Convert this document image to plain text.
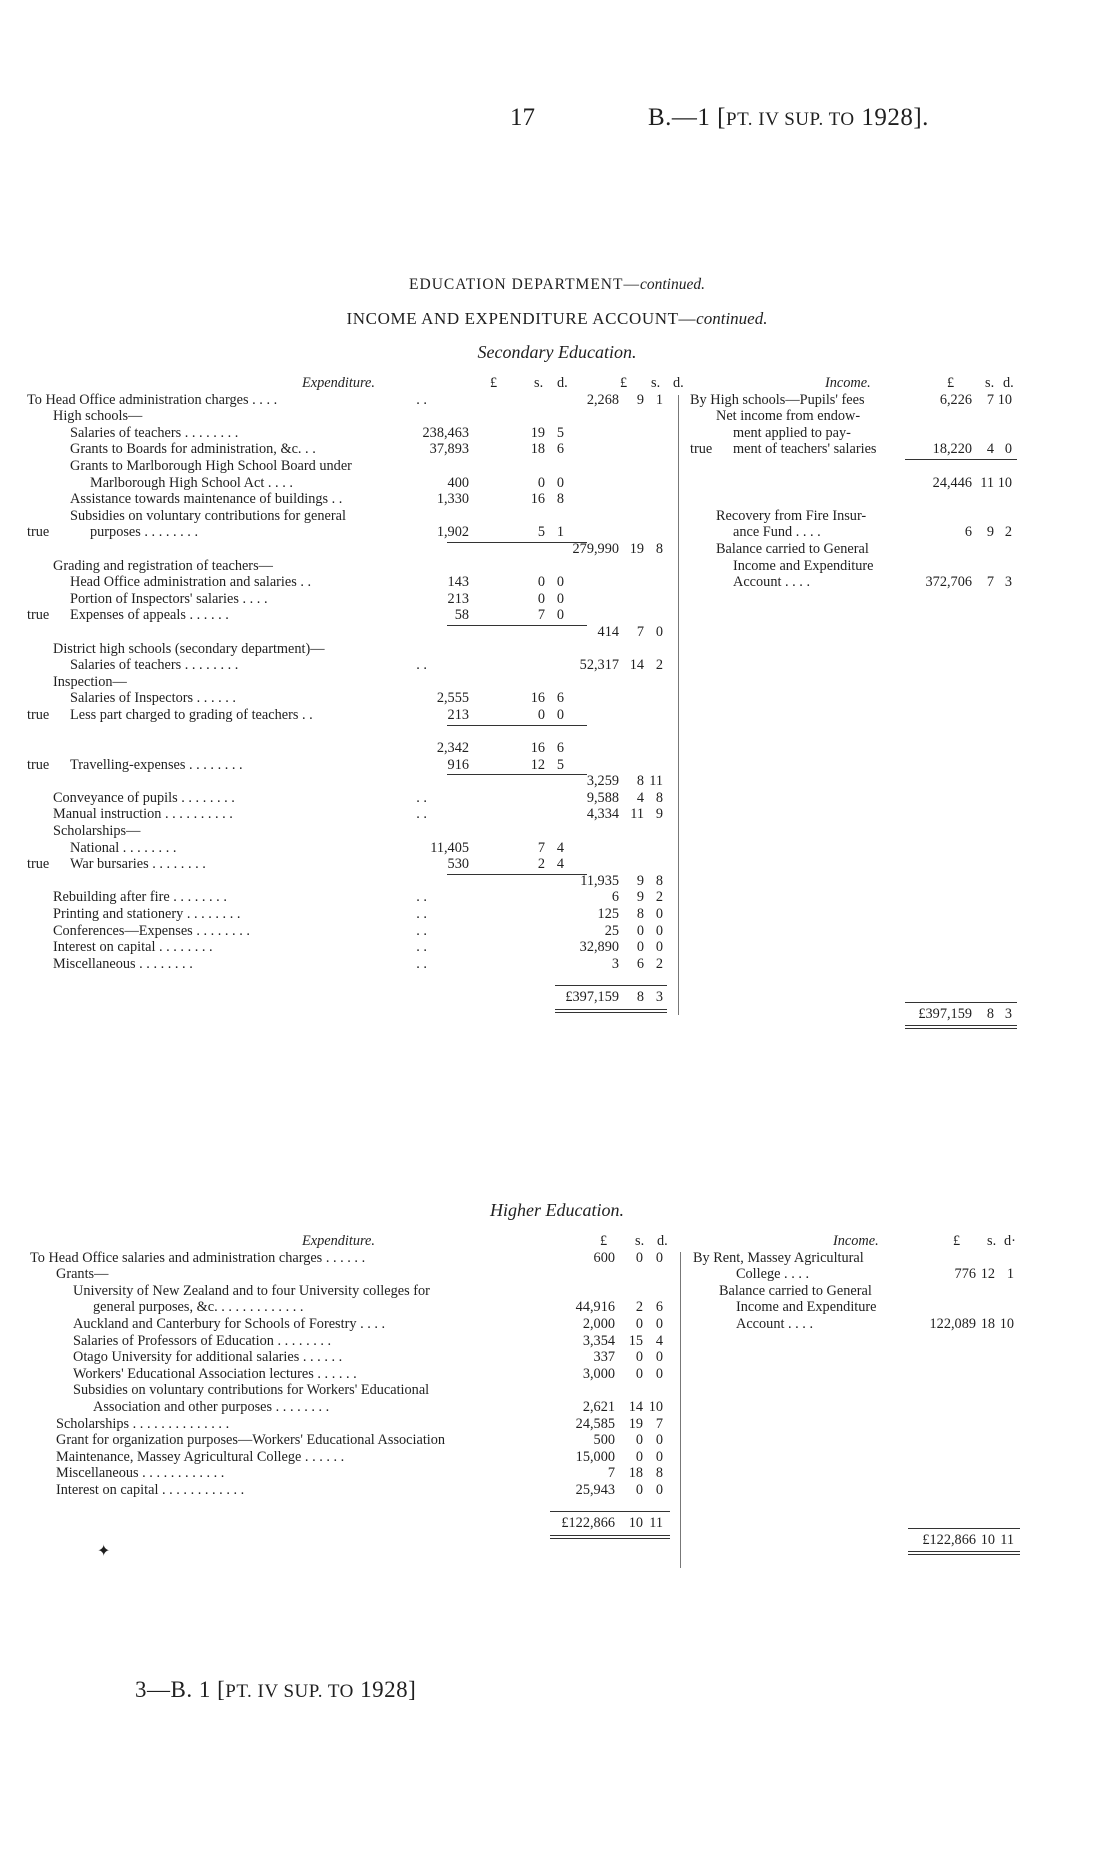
17	B.—1 [PT. IV SUP. TO 1928].
EDUCATION DEPARTMENT—continued.
INCOME AND EXPENDITURE ACCOUNT—continued.
Secondary Education.
Expenditure.	£	s. d.	£ s. d.
To Head Office administration charges . . . .	. .	2,268 9 1
High schools—
Salaries of teachers . . . . . . . .	238,463	19 5
Grants to Boards for administration, &c. . .	37,893	18 6
Grants to Marlborough High School Board under
Marlborough High School Act . . . .	400	0 0
Assistance towards maintenance of buildings . .	1,330	16 8
Subsidies on voluntary contributions for general
purposes . . . . . . . .	1,902	5 1
true
279,990 19 8
Grading and registration of teachers—
Head Office administration and salaries . .	143	0 0
Portion of Inspectors' salaries . . . .	213	0 0
Expenses of appeals . . . . . .	58	7 0
true
414 7 0
District high schools (secondary department)—
Salaries of teachers . . . . . . . .	. .	52,317 14 2
Inspection—
Salaries of Inspectors . . . . . .	2,555	16 6
Less part charged to grading of teachers . .	213	0 0
true
2,342	16 6
Travelling-expenses . . . . . . . .	916	12 5
true
3,259 8 11
Conveyance of pupils . . . . . . . .	. .	9,588 4 8
Manual instruction . . . . . . . . . .	. .	4,334 11 9
Scholarships—
National . . . . . . . .	11,405	7 4
War bursaries . . . . . . . .	530	2 4
true
11,935 9 8
Rebuilding after fire . . . . . . . .	. .	6 9 2
Printing and stationery . . . . . . . .	. .	125 8 0
Conferences—Expenses . . . . . . . .	. .	25 0 0
Interest on capital . . . . . . . .	. .	32,890 0 0
Miscellaneous . . . . . . . .	. .	3 6 2
£397,159 8 3
Income.	£ s. d.
By High schools—Pupils' fees	6,226 7 10
Net income from endow-
ment applied to pay-
ment of teachers' salaries	18,220 4 0
true
24,446 11 10
Recovery from Fire Insur-
ance Fund . . . .	6 9 2
Balance carried to General
Income and Expenditure
Account . . . .	372,706 7 3
£397,159 8 3
Higher Education.
Expenditure.	£ s. d.
To Head Office salaries and administration charges . . . . . .	600 0 0
Grants—
University of New Zealand and to four University colleges for
general purposes, &c. . . . . . . . . . . . .	44,916 2 6
Auckland and Canterbury for Schools of Forestry . . . .	2,000 0 0
Salaries of Professors of Education . . . . . . . .	3,354 15 4
Otago University for additional salaries . . . . . .	337 0 0
Workers' Educational Association lectures . . . . . .	3,000 0 0
Subsidies on voluntary contributions for Workers' Educational
Association and other purposes . . . . . . . .	2,621 14 10
Scholarships . . . . . . . . . . . . . .	24,585 19 7
Grant for organization purposes—Workers' Educational Association	500 0 0
Maintenance, Massey Agricultural College . . . . . .	15,000 0 0
Miscellaneous . . . . . . . . . . . .	7 18 8
Interest on capital . . . . . . . . . . . .	25,943 0 0
£122,866 10 11
Income.	£ s. d·
By Rent, Massey Agricultural
College . . . .	776 12 1
Balance carried to General
Income and Expenditure
Account . . . .	122,089 18 10
£122,866 10 11
✦
3—B. 1 [PT. IV SUP. TO 1928]
